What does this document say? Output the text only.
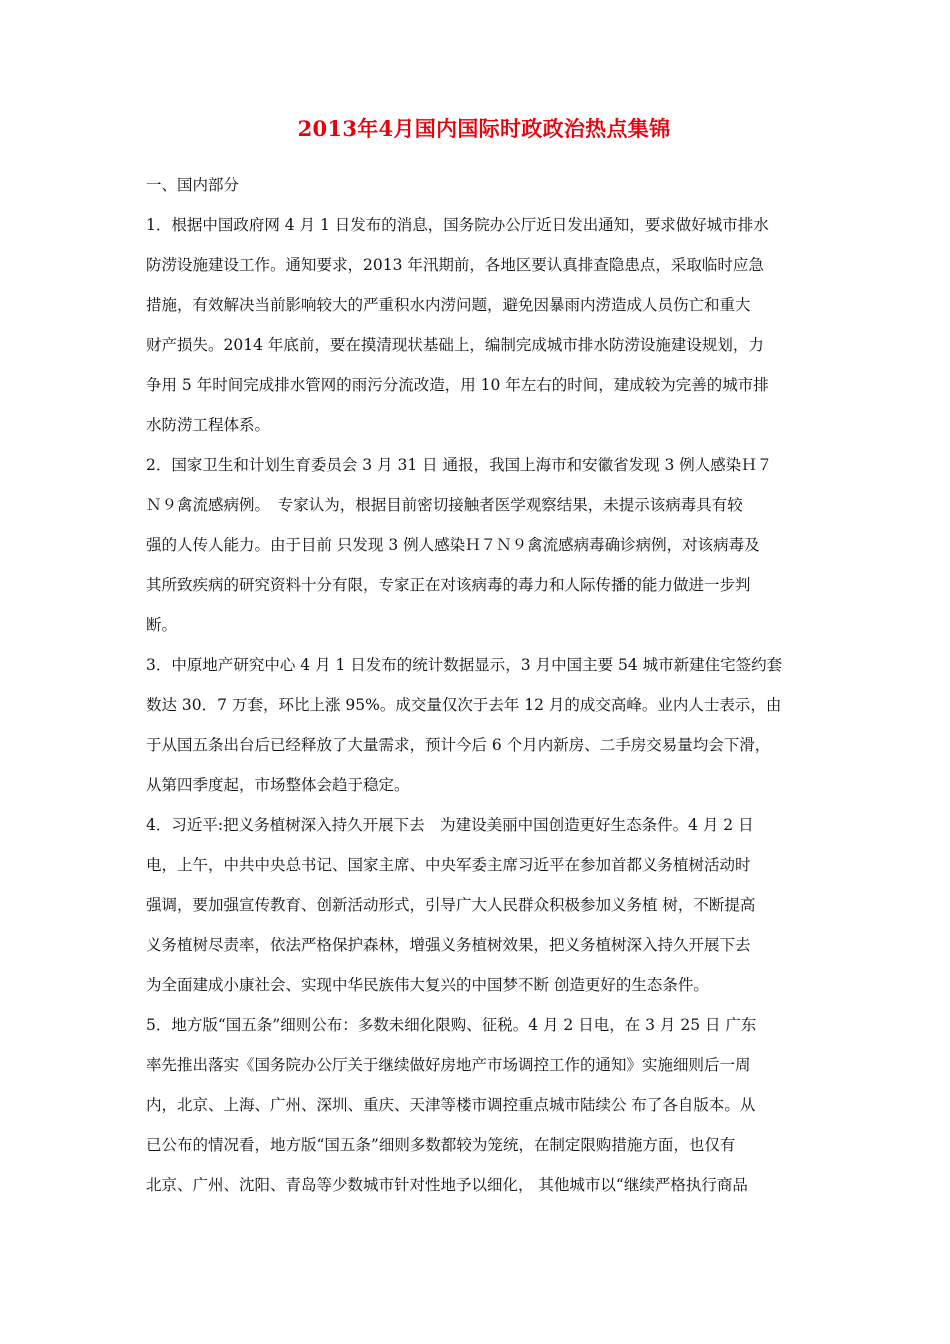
2013年4月国内国际时政政治热点集锦

一、国内部分

1．根据中国政府网 4 月 1 日发布的消息，国务院办公厅近日发出通知，要求做好城市排水
防涝设施建设工作。通知要求，2013 年汛期前，各地区要认真排查隐患点，采取临时应急
措施，有效解决当前影响较大的严重积水内涝问题，避免因暴雨内涝造成人员伤亡和重大
财产损失。2014 年底前，要在摸清现状基础上，编制完成城市排水防涝设施建设规划，力
争用 5 年时间完成排水管网的雨污分流改造，用 10 年左右的时间，建成较为完善的城市排
水防涝工程体系。
2．国家卫生和计划生育委员会 3 月 31 日 通报，我国上海市和安徽省发现 3 例人感染Ｈ７
Ｎ９禽流感病例。　专家认为，根据目前密切接触者医学观察结果，未提示该病毒具有较
强的人传人能力。由于目前 只发现 3 例人感染Ｈ７Ｎ９禽流感病毒确诊病例，对该病毒及
其所致疾病的研究资料十分有限，专家正在对该病毒的毒力和人际传播的能力做进一步判
断。
3．中原地产研究中心 4 月 1 日发布的统计数据显示，3 月中国主要 54 城市新建住宅签约套
数达 30．7 万套，环比上涨 95%。成交量仅次于去年 12 月的成交高峰。业内人士表示，由
于从国五条出台后已经释放了大量需求，预计今后 6 个月内新房、二手房交易量均会下滑，
从第四季度起，市场整体会趋于稳定。
4．习近平:把义务植树深入持久开展下去　为建设美丽中国创造更好生态条件。4 月 2 日
电，上午，中共中央总书记、国家主席、中央军委主席习近平在参加首都义务植树活动时
强调，要加强宣传教育、创新活动形式，引导广大人民群众积极参加义务植 树，不断提高
义务植树尽责率，依法严格保护森林，增强义务植树效果，把义务植树深入持久开展下去
为全面建成小康社会、实现中华民族伟大复兴的中国梦不断 创造更好的生态条件。
5．地方版“国五条”细则公布：多数未细化限购、征税。4 月 2 日电，在 3 月 25 日 广东
率先推出落实《国务院办公厅关于继续做好房地产市场调控工作的通知》实施细则后一周
内，北京、上海、广州、深圳、重庆、天津等楼市调控重点城市陆续公 布了各自版本。从
已公布的情况看，地方版“国五条”细则多数都较为笼统，在制定限购措施方面，也仅有
北京、广州、沈阳、青岛等少数城市针对性地予以细化， 其他城市以“继续严格执行商品
